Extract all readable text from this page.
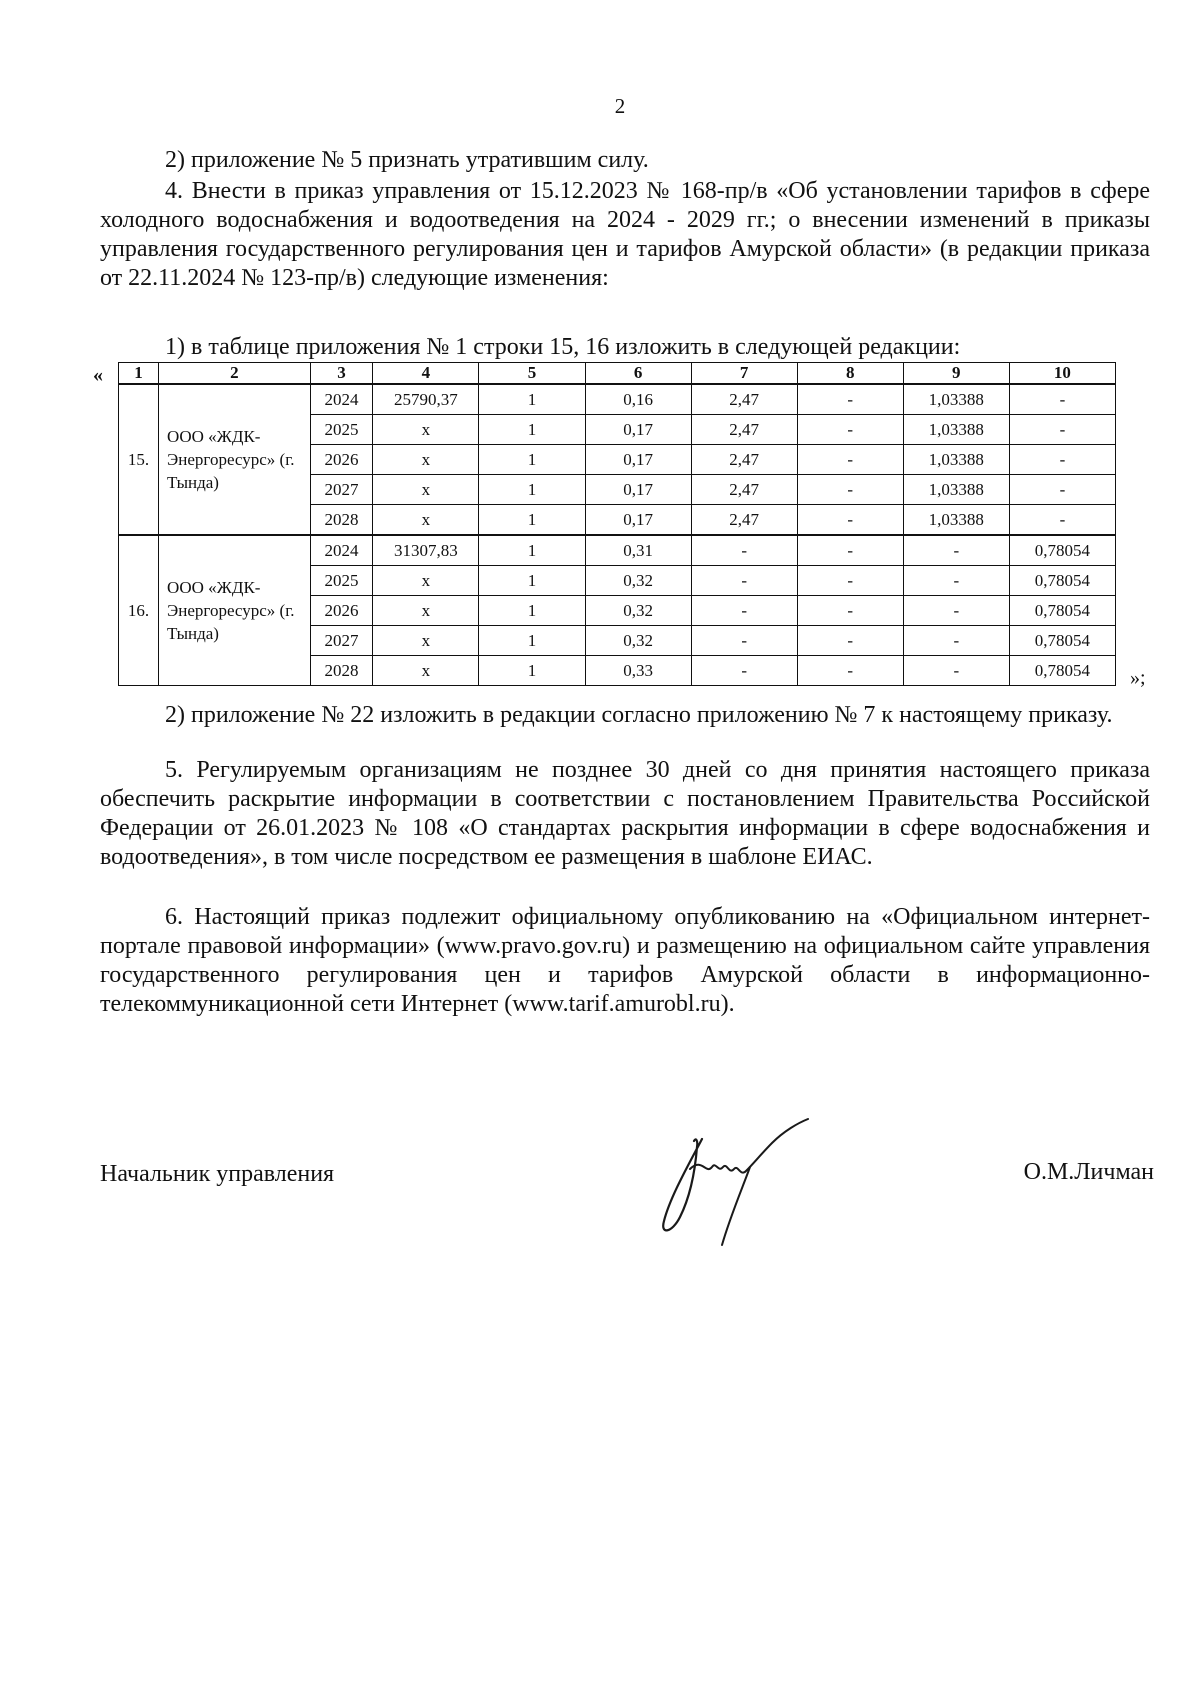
2

2) приложение № 5 признать утратившим силу.

4. Внести в приказ управления от 15.12.2023 № 168-пр/в «Об установлении тарифов в сфере холодного водоснабжения и водоотведения на 2024 - 2029 гг.; о внесении изменений в приказы управления государственного регулирования цен и тарифов Амурской области» (в редакции приказа от 22.11.2024 № 123-пр/в) следующие изменения:

1) в таблице приложения № 1 строки 15, 16 изложить в следующей редакции:

« 1	2	3	4	5	6	7	8	9	10
15.	ООО «ЖДК-Энергоресурс» (г. Тында)	2024	25790,37	1	0,16	2,47	-	1,03388	-
		2025	x	1	0,17	2,47	-	1,03388	-
		2026	x	1	0,17	2,47	-	1,03388	-
		2027	x	1	0,17	2,47	-	1,03388	-
		2028	x	1	0,17	2,47	-	1,03388	-
16.	ООО «ЖДК-Энергоресурс» (г. Тында)	2024	31307,83	1	0,31	-	-	-	0,78054
		2025	x	1	0,32	-	-	-	0,78054
		2026	x	1	0,32	-	-	-	0,78054
		2027	x	1	0,32	-	-	-	0,78054
		2028	x	1	0,33	-	-	-	0,78054 »;

2) приложение № 22 изложить в редакции согласно приложению № 7 к настоящему приказу.

5. Регулируемым организациям не позднее 30 дней со дня принятия настоящего приказа обеспечить раскрытие информации в соответствии с постановлением Правительства Российской Федерации от 26.01.2023 № 108 «О стандартах раскрытия информации в сфере водоснабжения и водоотведения», в том числе посредством ее размещения в шаблоне ЕИАС.

6. Настоящий приказ подлежит официальному опубликованию на «Официальном интернет-портале правовой информации» (www.pravo.gov.ru) и размещению на официальном сайте управления государственного регулирования цен и тарифов Амурской области в информационно-телекоммуникационной сети Интернет (www.tarif.amurobl.ru).

Начальник управления	О.М.Личман
